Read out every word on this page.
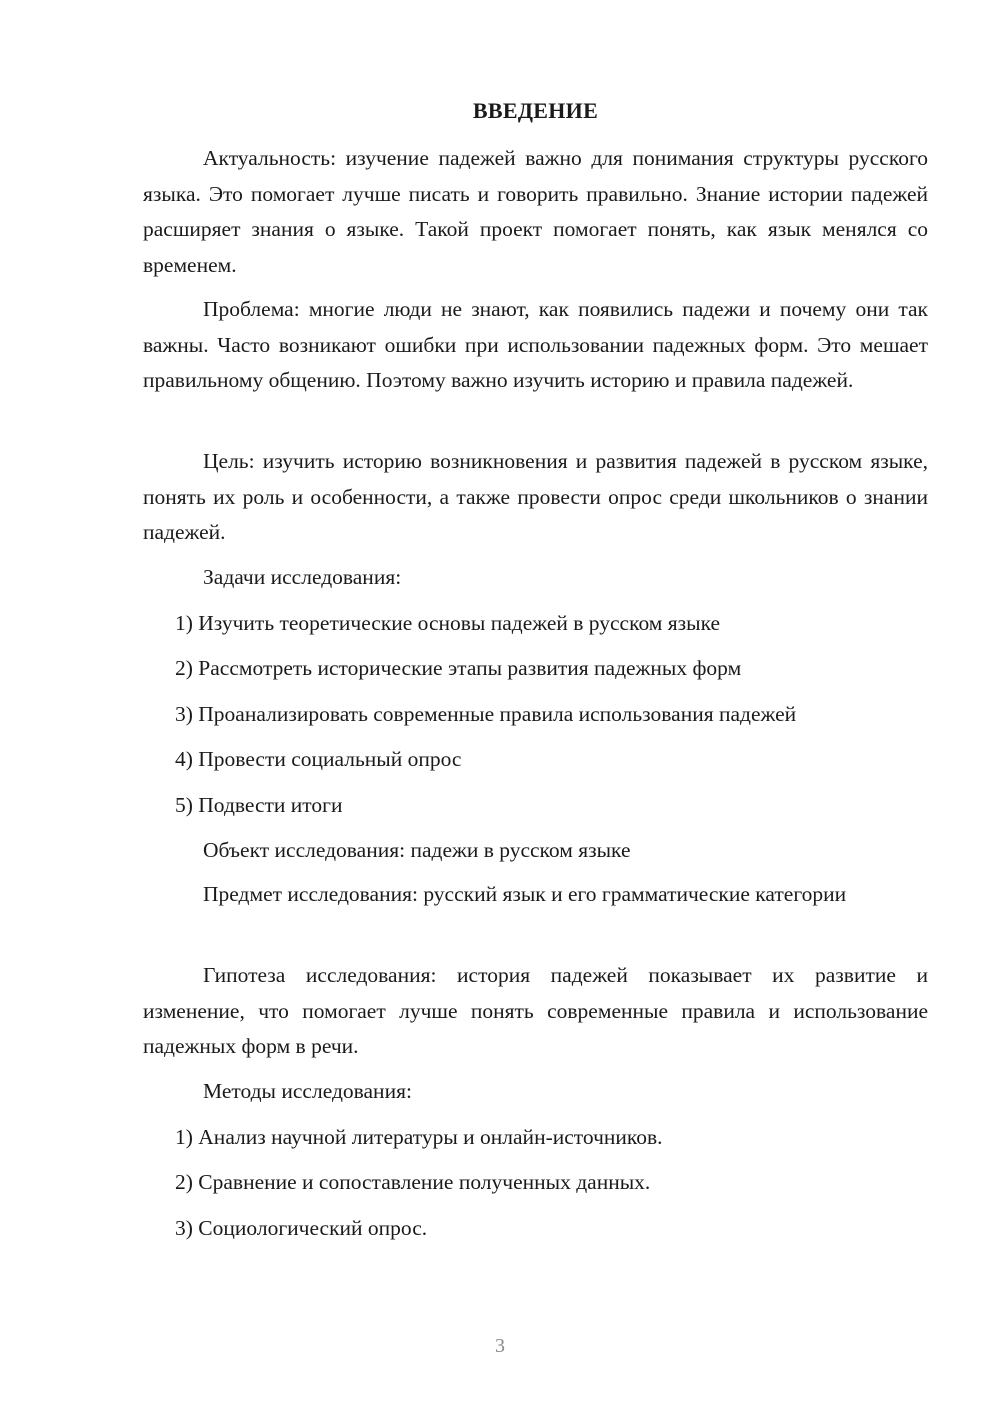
ВВЕДЕНИЕ
Актуальность: изучение падежей важно для понимания структуры русского языка. Это помогает лучше писать и говорить правильно. Знание истории падежей расширяет знания о языке. Такой проект помогает понять, как язык менялся со временем.
Проблема: многие люди не знают, как появились падежи и почему они так важны. Часто возникают ошибки при использовании падежных форм. Это мешает правильному общению. Поэтому важно изучить историю и правила падежей.
Цель: изучить историю возникновения и развития падежей в русском языке, понять их роль и особенности, а также провести опрос среди школьников о знании падежей.
Задачи исследования:
1) Изучить теоретические основы падежей в русском языке
2) Рассмотреть исторические этапы развития падежных форм
3) Проанализировать современные правила использования падежей
4) Провести социальный опрос
5) Подвести итоги
Объект исследования: падежи в русском языке
Предмет исследования: русский язык и его грамматические категории
Гипотеза исследования: история падежей показывает их развитие и изменение, что помогает лучше понять современные правила и использование падежных форм в речи.
Методы исследования:
1) Анализ научной литературы и онлайн-источников.
2) Сравнение и сопоставление полученных данных.
3) Социологический опрос.
3
